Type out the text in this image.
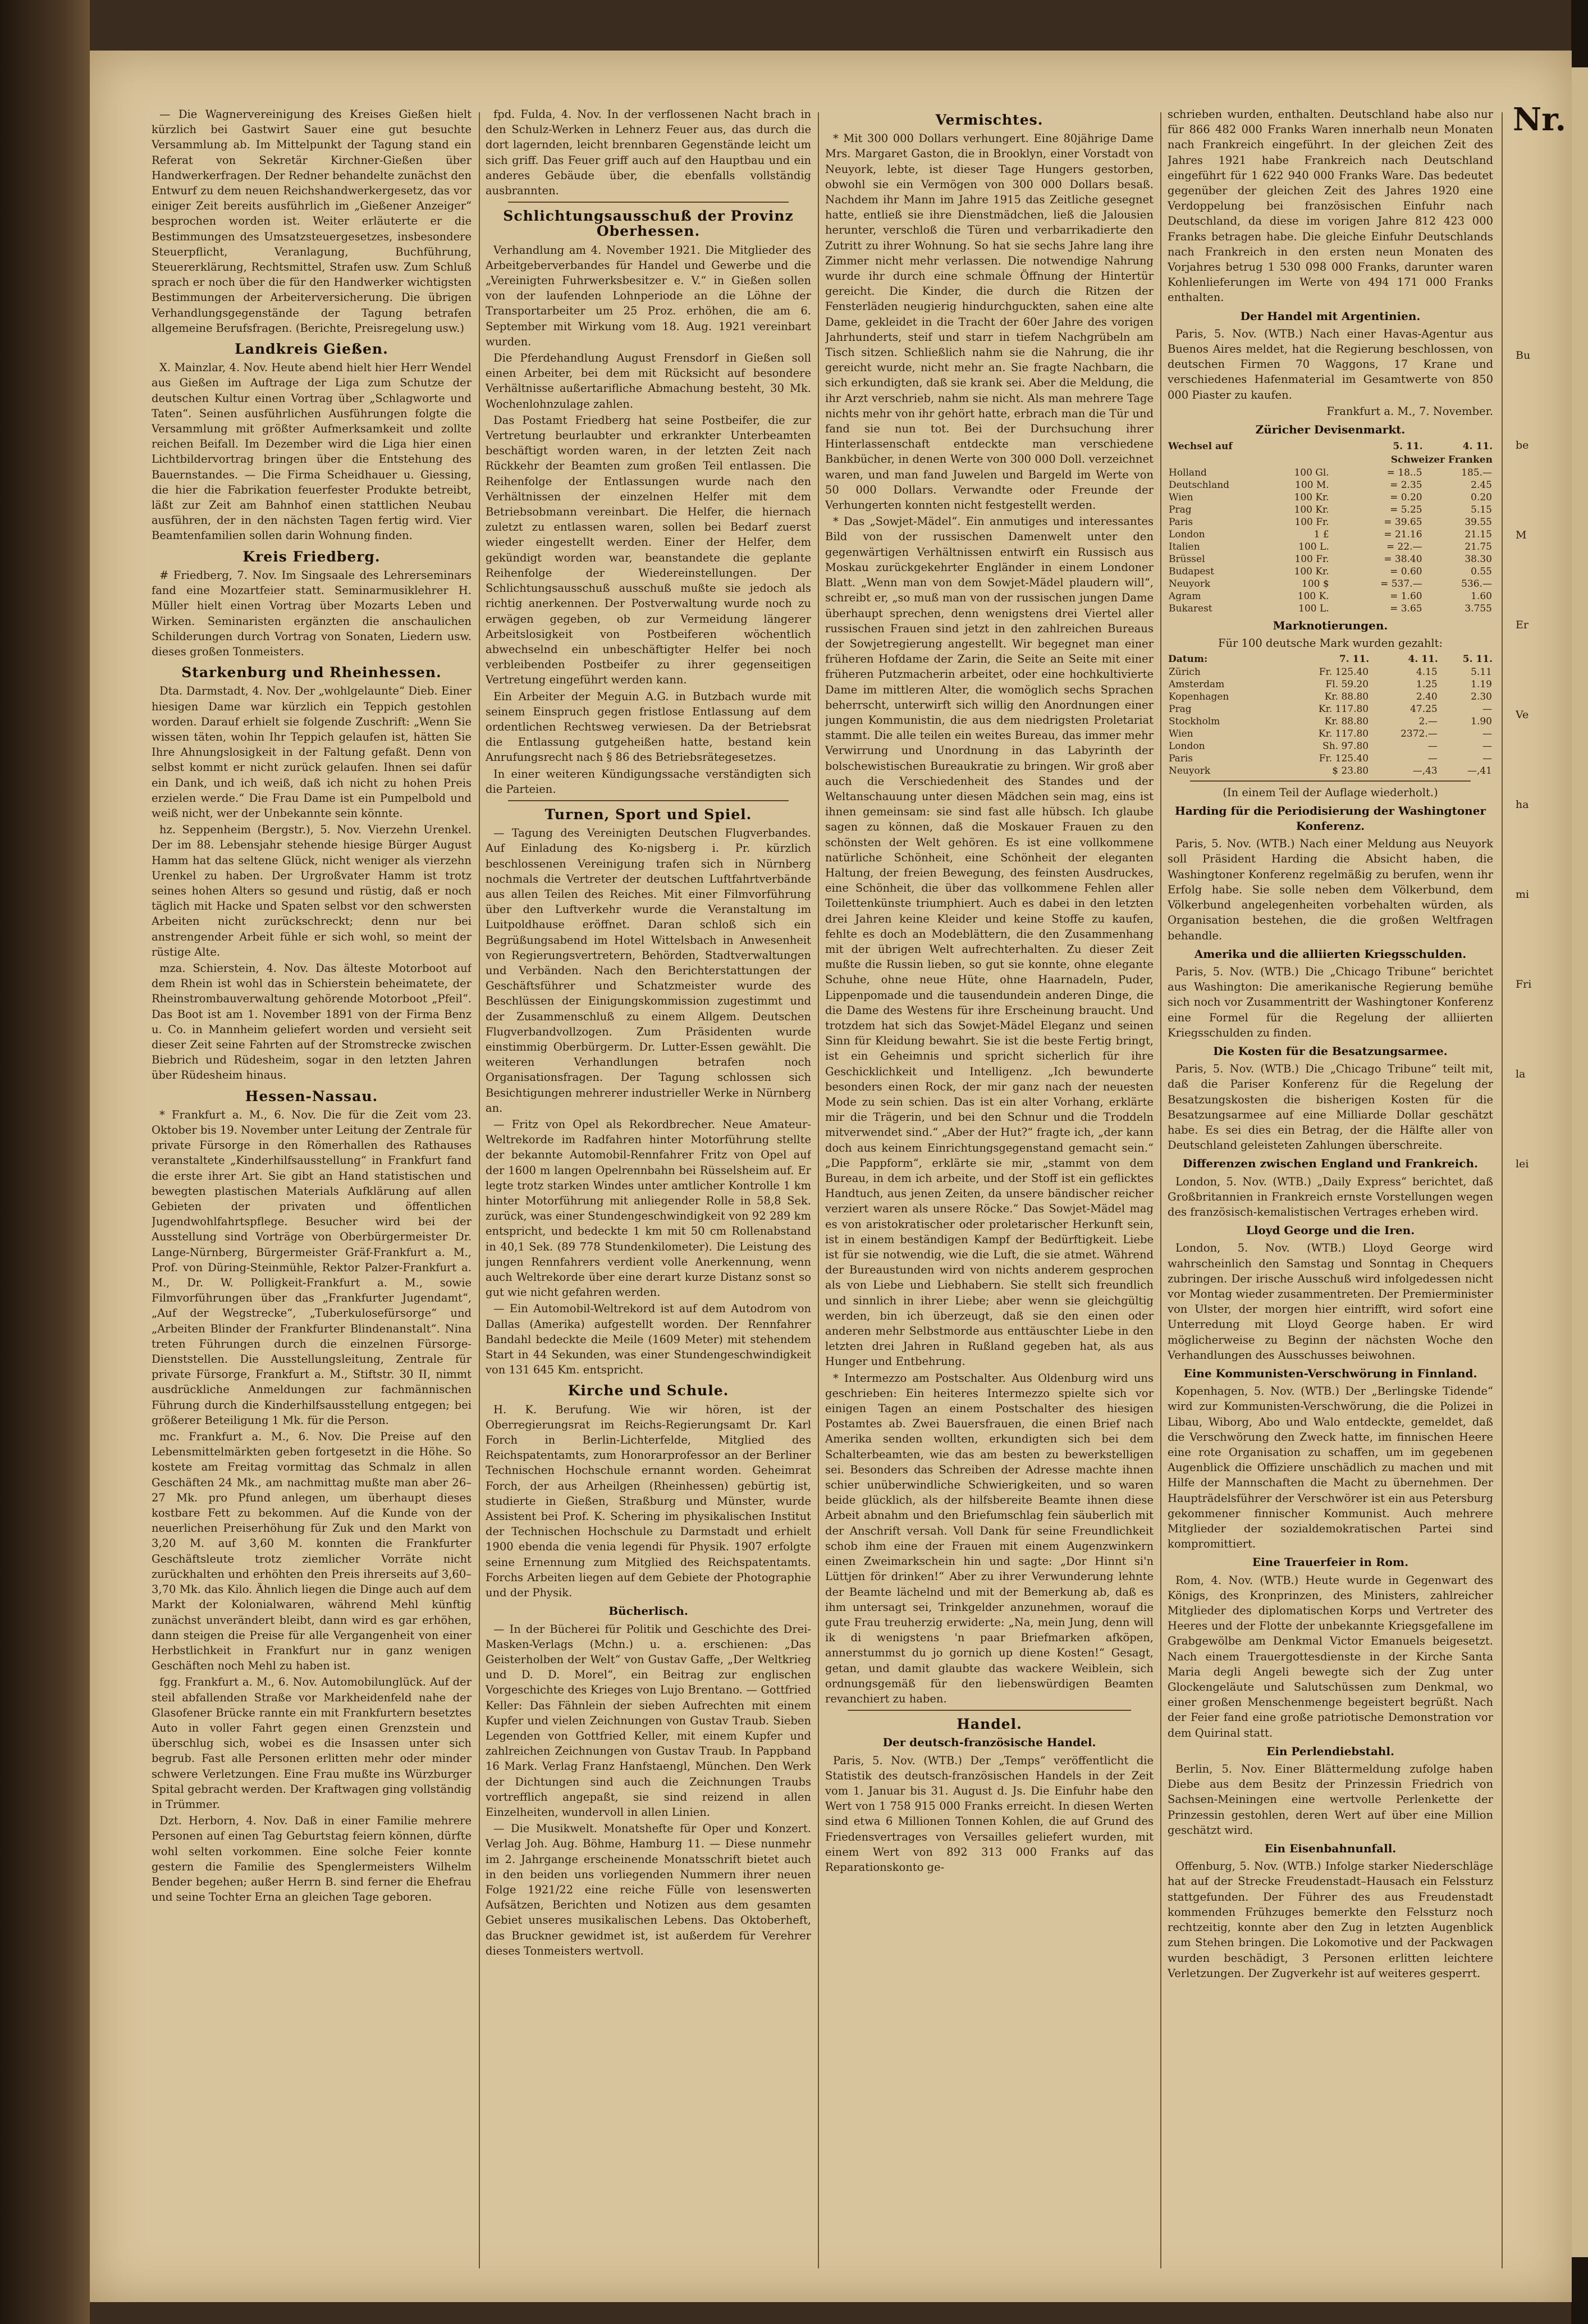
— Die Wagnervereinigung des Kreises Gießen hielt kürzlich bei Gastwirt Sauer eine gut besuchte Versammlung ab. Im Mittelpunkt der Tagung stand ein Referat von Sekretär Kirchner-Gießen über Handwerkerfragen. Der Redner behandelte zunächst den Entwurf zu dem neuen Reichshandwerkergesetz, das vor einiger Zeit bereits ausführlich im „Gießener Anzeiger“ besprochen worden ist. Weiter erläuterte er die Bestimmungen des Umsatzsteuergesetzes, insbesondere Steuerpflicht, Veranlagung, Buchführung, Steuererklärung, Rechtsmittel, Strafen usw. Zum Schluß sprach er noch über die für den Handwerker wichtigsten Bestimmungen der Arbeiterversicherung. Die übrigen Verhandlungsgegenstände der Tagung betrafen allgemeine Berufsfragen. (Berichte, Preisregelung usw.)

Landkreis Gießen.

X. Mainzlar, 4. Nov. Heute abend hielt hier Herr Wendel aus Gießen im Auftrage der Liga zum Schutze der deutschen Kultur einen Vortrag über „Schlagworte und Taten“. Seinen ausführlichen Ausführungen folgte die Versammlung mit größter Aufmerksamkeit und zollte reichen Beifall. Im Dezember wird die Liga hier einen Lichtbildervortrag bringen über die Entstehung des Bauernstandes. — Die Firma Scheidhauer u. Giessing, die hier die Fabrikation feuerfester Produkte betreibt, läßt zur Zeit am Bahnhof einen stattlichen Neubau ausführen, der in den nächsten Tagen fertig wird. Vier Beamtenfamilien sollen darin Wohnung finden.

Kreis Friedberg.

# Friedberg, 7. Nov. Im Singsaale des Lehrerseminars fand eine Mozartfeier statt. Seminarmusiklehrer H. Müller hielt einen Vortrag über Mozarts Leben und Wirken. Seminaristen ergänzten die anschaulichen Schilderungen durch Vortrag von Sonaten, Liedern usw. dieses großen Tonmeisters.

Starkenburg und Rheinhessen.

Dta. Darmstadt, 4. Nov. Der „wohlgelaunte“ Dieb. Einer hiesigen Dame war kürzlich ein Teppich gestohlen worden. Darauf erhielt sie folgende Zuschrift: „Wenn Sie wissen täten, wohin Ihr Teppich gelaufen ist, hätten Sie Ihre Ahnungslosigkeit in der Faltung gefaßt. Denn von selbst kommt er nicht zurück gelaufen. Ihnen sei dafür ein Dank, und ich weiß, daß ich nicht zu hohen Preis erzielen werde.“ Die Frau Dame ist ein Pumpelbold und weiß nicht, wer der Unbekannte sein könnte.

hz. Seppenheim (Bergstr.), 5. Nov. Vierzehn Urenkel. Der im 88. Lebensjahr stehende hiesige Bürger August Hamm hat das seltene Glück, nicht weniger als vierzehn Urenkel zu haben. Der Urgroßvater Hamm ist trotz seines hohen Alters so gesund und rüstig, daß er noch täglich mit Hacke und Spaten selbst vor den schwersten Arbeiten nicht zurückschreckt; denn nur bei anstrengender Arbeit fühle er sich wohl, so meint der rüstige Alte.

mza. Schierstein, 4. Nov. Das älteste Motorboot auf dem Rhein ist wohl das in Schierstein beheimatete, der Rheinstrombauverwaltung gehörende Motorboot „Pfeil“. Das Boot ist am 1. November 1891 von der Firma Benz u. Co. in Mannheim geliefert worden und versieht seit dieser Zeit seine Fahrten auf der Stromstrecke zwischen Biebrich und Rüdesheim, sogar in den letzten Jahren über Rüdesheim hinaus.

Hessen-Nassau.

* Frankfurt a. M., 6. Nov. Die für die Zeit vom 23. Oktober bis 19. November unter Leitung der Zentrale für private Fürsorge in den Römerhallen des Rathauses veranstaltete „Kinderhilfsausstellung“ in Frankfurt fand die erste ihrer Art. Sie gibt an Hand statistischen und bewegten plastischen Materials Aufklärung auf allen Gebieten der privaten und öffentlichen Jugendwohlfahrtspflege. Besucher wird bei der Ausstellung sind Vorträge von Oberbürgermeister Dr. Lange-Nürnberg, Bürgermeister Gräf-Frankfurt a. M., Prof. von Düring-Steinmühle, Rektor Palzer-Frankfurt a. M., Dr. W. Polligkeit-Frankfurt a. M., sowie Filmvorführungen über das „Frankfurter Jugendamt“, „Auf der Wegstrecke“, „Tuberkulosefürsorge“ und „Arbeiten Blinder der Frankfurter Blindenanstalt“. Nina treten Führungen durch die einzelnen Fürsorge-Dienststellen. Die Ausstellungsleitung, Zentrale für private Fürsorge, Frankfurt a. M., Stiftstr. 30 II, nimmt ausdrückliche Anmeldungen zur fachmännischen Führung durch die Kinderhilfsausstellung entgegen; bei größerer Beteiligung 1 Mk. für die Person.

mc. Frankfurt a. M., 6. Nov. Die Preise auf den Lebensmittelmärkten geben fortgesetzt in die Höhe. So kostete am Freitag vormittag das Schmalz in allen Geschäften 24 Mk., am nachmittag mußte man aber 26–27 Mk. pro Pfund anlegen, um überhaupt dieses kostbare Fett zu bekommen. Auf die Kunde von der neuerlichen Preiserhöhung für Zuk und den Markt von 3,20 M. auf 3,60 M. konnten die Frankfurter Geschäftsleute trotz ziemlicher Vorräte nicht zurückhalten und erhöhten den Preis ihrerseits auf 3,60–3,70 Mk. das Kilo. Ähnlich liegen die Dinge auch auf dem Markt der Kolonialwaren, während Mehl künftig zunächst unverändert bleibt, dann wird es gar erhöhen, dann steigen die Preise für alle Vergangenheit von einer Herbstlichkeit in Frankfurt nur in ganz wenigen Geschäften noch Mehl zu haben ist.

fgg. Frankfurt a. M., 6. Nov. Automobilunglück. Auf der steil abfallenden Straße vor Markheidenfeld nahe der Glasofener Brücke rannte ein mit Frankfurtern besetztes Auto in voller Fahrt gegen einen Grenzstein und überschlug sich, wobei es die Insassen unter sich begrub. Fast alle Personen erlitten mehr oder minder schwere Verletzungen. Eine Frau mußte ins Würzburger Spital gebracht werden. Der Kraftwagen ging vollständig in Trümmer.

Dzt. Herborn, 4. Nov. Daß in einer Familie mehrere Personen auf einen Tag Geburtstag feiern können, dürfte wohl selten vorkommen. Eine solche Feier konnte gestern die Familie des Spenglermeisters Wilhelm Bender begehen; außer Herrn B. sind ferner die Ehefrau und seine Tochter Erna an gleichen Tage geboren.

fpd. Fulda, 4. Nov. In der verflossenen Nacht brach in den Schulz-Werken in Lehnerz Feuer aus, das durch die dort lagernden, leicht brennbaren Gegenstände leicht um sich griff. Das Feuer griff auch auf den Hauptbau und ein anderes Gebäude über, die ebenfalls vollständig ausbrannten.

Schlichtungsausschuß der Provinz Oberhessen.

Verhandlung am 4. November 1921. Die Mitglieder des Arbeitgeberverbandes für Handel und Gewerbe und die „Vereinigten Fuhrwerksbesitzer e. V.“ in Gießen sollen von der laufenden Lohnperiode an die Löhne der Transportarbeiter um 25 Proz. erhöhen, die am 6. September mit Wirkung vom 18. Aug. 1921 vereinbart wurden.

Die Pferdehandlung August Frensdorf in Gießen soll einen Arbeiter, bei dem mit Rücksicht auf besondere Verhältnisse außertarifliche Abmachung besteht, 30 Mk. Wochenlohnzulage zahlen.

Das Postamt Friedberg hat seine Postbeifer, die zur Vertretung beurlaubter und erkrankter Unterbeamten beschäftigt worden waren, in der letzten Zeit nach Rückkehr der Beamten zum großen Teil entlassen. Die Reihenfolge der Entlassungen wurde nach den Verhältnissen der einzelnen Helfer mit dem Betriebsobmann vereinbart. Die Helfer, die hiernach zuletzt zu entlassen waren, sollen bei Bedarf zuerst wieder eingestellt werden. Einer der Helfer, dem gekündigt worden war, beanstandete die geplante Reihenfolge der Wiedereinstellungen. Der Schlichtungsausschuß ausschuß mußte sie jedoch als richtig anerkennen. Der Postverwaltung wurde noch zu erwägen gegeben, ob zur Vermeidung längerer Arbeitslosigkeit von Postbeiferen wöchentlich abwechselnd ein unbeschäftigter Helfer bei noch verbleibenden Postbeifer zu ihrer gegenseitigen Vertretung eingeführt werden kann.

Ein Arbeiter der Meguin A.G. in Butzbach wurde mit seinem Einspruch gegen fristlose Entlassung auf dem ordentlichen Rechtsweg verwiesen. Da der Betriebsrat die Entlassung gutgeheißen hatte, bestand kein Anrufungsrecht nach § 86 des Betriebsrätegesetzes.

In einer weiteren Kündigungssache verständigten sich die Parteien.

Turnen, Sport und Spiel.

— Tagung des Vereinigten Deutschen Flugverbandes. Auf Einladung des Ko-nigsberg i. Pr. kürzlich beschlossenen Vereinigung trafen sich in Nürnberg nochmals die Vertreter der deutschen Luftfahrtverbände aus allen Teilen des Reiches. Mit einer Filmvorführung über den Luftverkehr wurde die Veranstaltung im Luitpoldhause eröffnet. Daran schloß sich ein Begrüßungsabend im Hotel Wittelsbach in Anwesenheit von Regierungsvertretern, Behörden, Stadtverwaltungen und Verbänden. Nach den Berichterstattungen der Geschäftsführer und Schatzmeister wurde des Beschlüssen der Einigungskommission zugestimmt und der Zusammenschluß zu einem Allgem. Deutschen Flugverbandvollzogen. Zum Präsidenten wurde einstimmig Oberbürgerm. Dr. Lutter-Essen gewählt. Die weiteren Verhandlungen betrafen noch Organisationsfragen. Der Tagung schlossen sich Besichtigungen mehrerer industrieller Werke in Nürnberg an.

— Fritz von Opel als Rekordbrecher. Neue Amateur-Weltrekorde im Radfahren hinter Motorführung stellte der bekannte Automobil-Rennfahrer Fritz von Opel auf der 1600 m langen Opelrennbahn bei Rüsselsheim auf. Er legte trotz starken Windes unter amtlicher Kontrolle 1 km hinter Motorführung mit anliegender Rolle in 58,8 Sek. zurück, was einer Stundengeschwindigkeit von 92 289 km entspricht, und bedeckte 1 km mit 50 cm Rollenabstand in 40,1 Sek. (89 778 Stundenkilometer). Die Leistung des jungen Rennfahrers verdient volle Anerkennung, wenn auch Weltrekorde über eine derart kurze Distanz sonst so gut wie nicht gefahren werden.

— Ein Automobil-Weltrekord ist auf dem Autodrom von Dallas (Amerika) aufgestellt worden. Der Rennfahrer Bandahl bedeckte die Meile (1609 Meter) mit stehendem Start in 44 Sekunden, was einer Stundengeschwindigkeit von 131 645 Km. entspricht.

Kirche und Schule.

H. K. Berufung. Wie wir hören, ist der Oberregierungsrat im Reichs-Regierungsamt Dr. Karl Forch in Berlin-Lichterfelde, Mitglied des Reichspatentamts, zum Honorarprofessor an der Berliner Technischen Hochschule ernannt worden. Geheimrat Forch, der aus Arheilgen (Rheinhessen) gebürtig ist, studierte in Gießen, Straßburg und Münster, wurde Assistent bei Prof. K. Schering im physikalischen Institut der Technischen Hochschule zu Darmstadt und erhielt 1900 ebenda die venia legendi für Physik. 1907 erfolgte seine Ernennung zum Mitglied des Reichspatentamts. Forchs Arbeiten liegen auf dem Gebiete der Photographie und der Physik.

Bücherlisch.

— In der Bücherei für Politik und Geschichte des Drei-Masken-Verlags (Mchn.) u. a. erschienen: „Das Geisterholben der Welt“ von Gustav Gaffe, „Der Weltkrieg und D. D. Morel“, ein Beitrag zur englischen Vorgeschichte des Krieges von Lujo Brentano. — Gottfried Keller: Das Fähnlein der sieben Aufrechten mit einem Kupfer und vielen Zeichnungen von Gustav Traub. Sieben Legenden von Gottfried Keller, mit einem Kupfer und zahlreichen Zeichnungen von Gustav Traub. In Pappband 16 Mark. Verlag Franz Hanfstaengl, München. Den Werk der Dichtungen sind auch die Zeichnungen Traubs vortrefflich angepaßt, sie sind reizend in allen Einzelheiten, wundervoll in allen Linien.

— Die Musikwelt. Monatshefte für Oper und Konzert. Verlag Joh. Aug. Böhme, Hamburg 11. — Diese nunmehr im 2. Jahrgange erscheinende Monatsschrift bietet auch in den beiden uns vorliegenden Nummern ihrer neuen Folge 1921/22 eine reiche Fülle von lesenswerten Aufsätzen, Berichten und Notizen aus dem gesamten Gebiet unseres musikalischen Lebens. Das Oktoberheft, das Bruckner gewidmet ist, ist außerdem für Verehrer dieses Tonmeisters wertvoll.

Vermischtes.

* Mit 300 000 Dollars verhungert. Eine 80jährige Dame Mrs. Margaret Gaston, die in Brooklyn, einer Vorstadt von Neuyork, lebte, ist dieser Tage Hungers gestorben, obwohl sie ein Vermögen von 300 000 Dollars besaß. Nachdem ihr Mann im Jahre 1915 das Zeitliche gesegnet hatte, entließ sie ihre Dienstmädchen, ließ die Jalousien herunter, verschloß die Türen und verbarrikadierte den Zutritt zu ihrer Wohnung. So hat sie sechs Jahre lang ihre Zimmer nicht mehr verlassen. Die notwendige Nahrung wurde ihr durch eine schmale Öffnung der Hintertür gereicht. Die Kinder, die durch die Ritzen der Fensterläden neugierig hindurchguckten, sahen eine alte Dame, gekleidet in die Tracht der 60er Jahre des vorigen Jahrhunderts, steif und starr in tiefem Nachgrübeln am Tisch sitzen. Schließlich nahm sie die Nahrung, die ihr gereicht wurde, nicht mehr an. Sie fragte Nachbarn, die sich erkundigten, daß sie krank sei. Aber die Meldung, die ihr Arzt verschrieb, nahm sie nicht. Als man mehrere Tage nichts mehr von ihr gehört hatte, erbrach man die Tür und fand sie nun tot. Bei der Durchsuchung ihrer Hinterlassenschaft entdeckte man verschiedene Bankbücher, in denen Werte von 300 000 Doll. verzeichnet waren, und man fand Juwelen und Bargeld im Werte von 50 000 Dollars. Verwandte oder Freunde der Verhungerten konnten nicht festgestellt werden.

* Das „Sowjet-Mädel“. Ein anmutiges und interessantes Bild von der russischen Damenwelt unter den gegenwärtigen Verhältnissen entwirft ein Russisch aus Moskau zurückgekehrter Engländer in einem Londoner Blatt. „Wenn man von dem Sowjet-Mädel plaudern will“, schreibt er, „so muß man von der russischen jungen Dame überhaupt sprechen, denn wenigstens drei Viertel aller russischen Frauen sind jetzt in den zahlreichen Bureaus der Sowjetregierung angestellt. Wir begegnet man einer früheren Hofdame der Zarin, die Seite an Seite mit einer früheren Putzmacherin arbeitet, oder eine hochkultivierte Dame im mittleren Alter, die womöglich sechs Sprachen beherrscht, unterwirft sich willig den Anordnungen einer jungen Kommunistin, die aus dem niedrigsten Proletariat stammt. Die alle teilen ein weites Bureau, das immer mehr Verwirrung und Unordnung in das Labyrinth der bolschewistischen Bureaukratie zu bringen. Wir groß aber auch die Verschiedenheit des Standes und der Weltanschauung unter diesen Mädchen sein mag, eins ist ihnen gemeinsam: sie sind fast alle hübsch. Ich glaube sagen zu können, daß die Moskauer Frauen zu den schönsten der Welt gehören. Es ist eine vollkommene natürliche Schönheit, eine Schönheit der eleganten Haltung, der freien Bewegung, des feinsten Ausdruckes, eine Schönheit, die über das vollkommene Fehlen aller Toilettenkünste triumphiert. Auch es dabei in den letzten drei Jahren keine Kleider und keine Stoffe zu kaufen, fehlte es doch an Modeblättern, die den Zusammenhang mit der übrigen Welt aufrechterhalten. Zu dieser Zeit mußte die Russin lieben, so gut sie konnte, ohne elegante Schuhe, ohne neue Hüte, ohne Haarnadeln, Puder, Lippenpomade und die tausendundein anderen Dinge, die die Dame des Westens für ihre Erscheinung braucht. Und trotzdem hat sich das Sowjet-Mädel Eleganz und seinen Sinn für Kleidung bewahrt. Sie ist die beste Fertig bringt, ist ein Geheimnis und spricht sicherlich für ihre Geschicklichkeit und Intelligenz. „Ich bewunderte besonders einen Rock, der mir ganz nach der neuesten Mode zu sein schien. Das ist ein alter Vorhang, erklärte mir die Trägerin, und bei den Schnur und die Troddeln mitverwendet sind.“ „Aber der Hut?“ fragte ich, „der kann doch aus keinem Einrichtungsgegenstand gemacht sein.“ „Die Pappform“, erklärte sie mir, „stammt von dem Bureau, in dem ich arbeite, und der Stoff ist ein geflicktes Handtuch, aus jenen Zeiten, da unsere bändischer reicher verziert waren als unsere Röcke.“ Das Sowjet-Mädel mag es von aristokratischer oder proletarischer Herkunft sein, ist in einem beständigen Kampf der Bedürftigkeit. Liebe ist für sie notwendig, wie die Luft, die sie atmet. Während der Bureaustunden wird von nichts anderem gesprochen als von Liebe und Liebhabern. Sie stellt sich freundlich und sinnlich in ihrer Liebe; aber wenn sie gleichgültig werden, bin ich überzeugt, daß sie den einen oder anderen mehr Selbstmorde aus enttäuschter Liebe in den letzten drei Jahren in Rußland gegeben hat, als aus Hunger und Entbehrung.

* Intermezzo am Postschalter. Aus Oldenburg wird uns geschrieben: Ein heiteres Intermezzo spielte sich vor einigen Tagen an einem Postschalter des hiesigen Postamtes ab. Zwei Bauersfrauen, die einen Brief nach Amerika senden wollten, erkundigten sich bei dem Schalterbeamten, wie das am besten zu bewerkstelligen sei. Besonders das Schreiben der Adresse machte ihnen schier unüberwindliche Schwierigkeiten, und so waren beide glücklich, als der hilfsbereite Beamte ihnen diese Arbeit abnahm und den Briefumschlag fein säuberlich mit der Anschrift versah. Voll Dank für seine Freundlichkeit schob ihm eine der Frauen mit einem Augenzwinkern einen Zweimarkschein hin und sagte: „Dor Hinnt si'n Lüttjen för drinken!“ Aber zu ihrer Verwunderung lehnte der Beamte lächelnd und mit der Bemerkung ab, daß es ihm untersagt sei, Trinkgelder anzunehmen, worauf die gute Frau treuherzig erwiderte: „Na, mein Jung, denn will ik di wenigstens 'n paar Briefmarken afköpen, annerstummst du jo gornich up diene Kosten!“ Gesagt, getan, und damit glaubte das wackere Weiblein, sich ordnungsgemäß für den liebenswürdigen Beamten revanchiert zu haben.

Handel.
Der deutsch-französische Handel.

Paris, 5. Nov. (WTB.) Der „Temps“ veröffentlicht die Statistik des deutsch-französischen Handels in der Zeit vom 1. Januar bis 31. August d. Js. Die Einfuhr habe den Wert von 1 758 915 000 Franks erreicht. In diesen Werten sind etwa 6 Millionen Tonnen Kohlen, die auf Grund des Friedensvertrages von Versailles geliefert wurden, mit einem Wert von 892 313 000 Franks auf das Reparationskonto ge-

schrieben wurden, enthalten. Deutschland habe also nur für 866 482 000 Franks Waren innerhalb neun Monaten nach Frankreich eingeführt. In der gleichen Zeit des Jahres 1921 habe Frankreich nach Deutschland eingeführt für 1 622 940 000 Franks Ware. Das bedeutet gegenüber der gleichen Zeit des Jahres 1920 eine Verdoppelung bei französischen Einfuhr nach Deutschland, da diese im vorigen Jahre 812 423 000 Franks betragen habe. Die gleiche Einfuhr Deutschlands nach Frankreich in den ersten neun Monaten des Vorjahres betrug 1 530 098 000 Franks, darunter waren Kohlenlieferungen im Werte von 494 171 000 Franks enthalten.

Der Handel mit Argentinien.

Paris, 5. Nov. (WTB.) Nach einer Havas-Agentur aus Buenos Aires meldet, hat die Regierung beschlossen, von deutschen Firmen 70 Waggons, 17 Krane und verschiedenes Hafenmaterial im Gesamtwerte von 850 000 Piaster zu kaufen.

Frankfurt a. M., 7. November.

Züricher Devisenmarkt.
Wechsel auf		5. 11.	4. 11.
		Schweizer Franken	
Holland	100 Gl.	= 18..5	185.—
Deutschland	100 M.	= 2.35	2.45
Wien	100 Kr.	= 0.20	0.20
Prag	100 Kr.	= 5.25	5.15
Paris	100 Fr.	= 39.65	39.55
London	1 £	= 21.16	21.15
Italien	100 L.	= 22.—	21.75
Brüssel	100 Fr.	= 38.40	38.30
Budapest	100 Kr.	= 0.60	0.55
Neuyork	100 $	= 537.—	536.—
Agram	100 K.	= 1.60	1.60
Bukarest	100 L.	= 3.65	3.755
Marknotierungen.

Für 100 deutsche Mark wurden gezahlt:

Datum:	7. 11.	4. 11.	5. 11.
Zürich	Fr. 125.40	4.15	5.11
Amsterdam	Fl. 59.20	1.25	1.19
Kopenhagen	Kr. 88.80	2.40	2.30
Prag	Kr. 117.80	47.25	—
Stockholm	Kr. 88.80	2.—	1.90
Wien	Kr. 117.80	2372.—	—
London	Sh. 97.80	—	—
Paris	Fr. 125.40	—	—
Neuyork	$ 23.80	—,43	—,41

(In einem Teil der Auflage wiederholt.)

Harding für die Periodisierung der Washingtoner Konferenz.

Paris, 5. Nov. (WTB.) Nach einer Meldung aus Neuyork soll Präsident Harding die Absicht haben, die Washingtoner Konferenz regelmäßig zu berufen, wenn ihr Erfolg habe. Sie solle neben dem Völkerbund, dem Völkerbund angelegenheiten vorbehalten würden, als Organisation bestehen, die die großen Weltfragen behandle.

Amerika und die alliierten Kriegsschulden.

Paris, 5. Nov. (WTB.) Die „Chicago Tribune“ berichtet aus Washington: Die amerikanische Regierung bemühe sich noch vor Zusammentritt der Washingtoner Konferenz eine Formel für die Regelung der alliierten Kriegsschulden zu finden.

Die Kosten für die Besatzungsarmee.

Paris, 5. Nov. (WTB.) Die „Chicago Tribune“ teilt mit, daß die Pariser Konferenz für die Regelung der Besatzungskosten die bisherigen Kosten für die Besatzungsarmee auf eine Milliarde Dollar geschätzt habe. Es sei dies ein Betrag, der die Hälfte aller von Deutschland geleisteten Zahlungen überschreite.

Differenzen zwischen England und Frankreich.

London, 5. Nov. (WTB.) „Daily Express“ berichtet, daß Großbritannien in Frankreich ernste Vorstellungen wegen des französisch-kemalistischen Vertrages erheben wird.

Lloyd George und die Iren.

London, 5. Nov. (WTB.) Lloyd George wird wahrscheinlich den Samstag und Sonntag in Chequers zubringen. Der irische Ausschuß wird infolgedessen nicht vor Montag wieder zusammentreten. Der Premierminister von Ulster, der morgen hier eintrifft, wird sofort eine Unterredung mit Lloyd George haben. Er wird möglicherweise zu Beginn der nächsten Woche den Verhandlungen des Ausschusses beiwohnen.

Eine Kommunisten-Verschwörung in Finnland.

Kopenhagen, 5. Nov. (WTB.) Der „Berlingske Tidende“ wird zur Kommunisten-Verschwörung, die die Polizei in Libau, Wiborg, Abo und Walo entdeckte, gemeldet, daß die Verschwörung den Zweck hatte, im finnischen Heere eine rote Organisation zu schaffen, um im gegebenen Augenblick die Offiziere unschädlich zu machen und mit Hilfe der Mannschaften die Macht zu übernehmen. Der Haupträdelsführer der Verschwörer ist ein aus Petersburg gekommener finnischer Kommunist. Auch mehrere Mitglieder der sozialdemokratischen Partei sind kompromittiert.

Eine Trauerfeier in Rom.

Rom, 4. Nov. (WTB.) Heute wurde in Gegenwart des Königs, des Kronprinzen, des Ministers, zahlreicher Mitglieder des diplomatischen Korps und Vertreter des Heeres und der Flotte der unbekannte Kriegsgefallene im Grabgewölbe am Denkmal Victor Emanuels beigesetzt. Nach einem Trauergottesdienste in der Kirche Santa Maria degli Angeli bewegte sich der Zug unter Glockengeläute und Salutschüssen zum Denkmal, wo einer großen Menschenmenge begeistert begrüßt. Nach der Feier fand eine große patriotische Demonstration vor dem Quirinal statt.

Ein Perlendiebstahl.

Berlin, 5. Nov. Einer Blättermeldung zufolge haben Diebe aus dem Besitz der Prinzessin Friedrich von Sachsen-Meiningen eine wertvolle Perlenkette der Prinzessin gestohlen, deren Wert auf über eine Million geschätzt wird.

Ein Eisenbahnunfall.

Offenburg, 5. Nov. (WTB.) Infolge starker Niederschläge hat auf der Strecke Freudenstadt–Hausach ein Felssturz stattgefunden. Der Führer des aus Freudenstadt kommenden Frühzuges bemerkte den Felssturz noch rechtzeitig, konnte aber den Zug in letzten Augenblick zum Stehen bringen. Die Lokomotive und der Packwagen wurden beschädigt, 3 Personen erlitten leichtere Verletzungen. Der Zugverkehr ist auf weiteres gesperrt.

Nr.
Bu
be
M
Er
Ve
ha
mi
Fri
la
lei
